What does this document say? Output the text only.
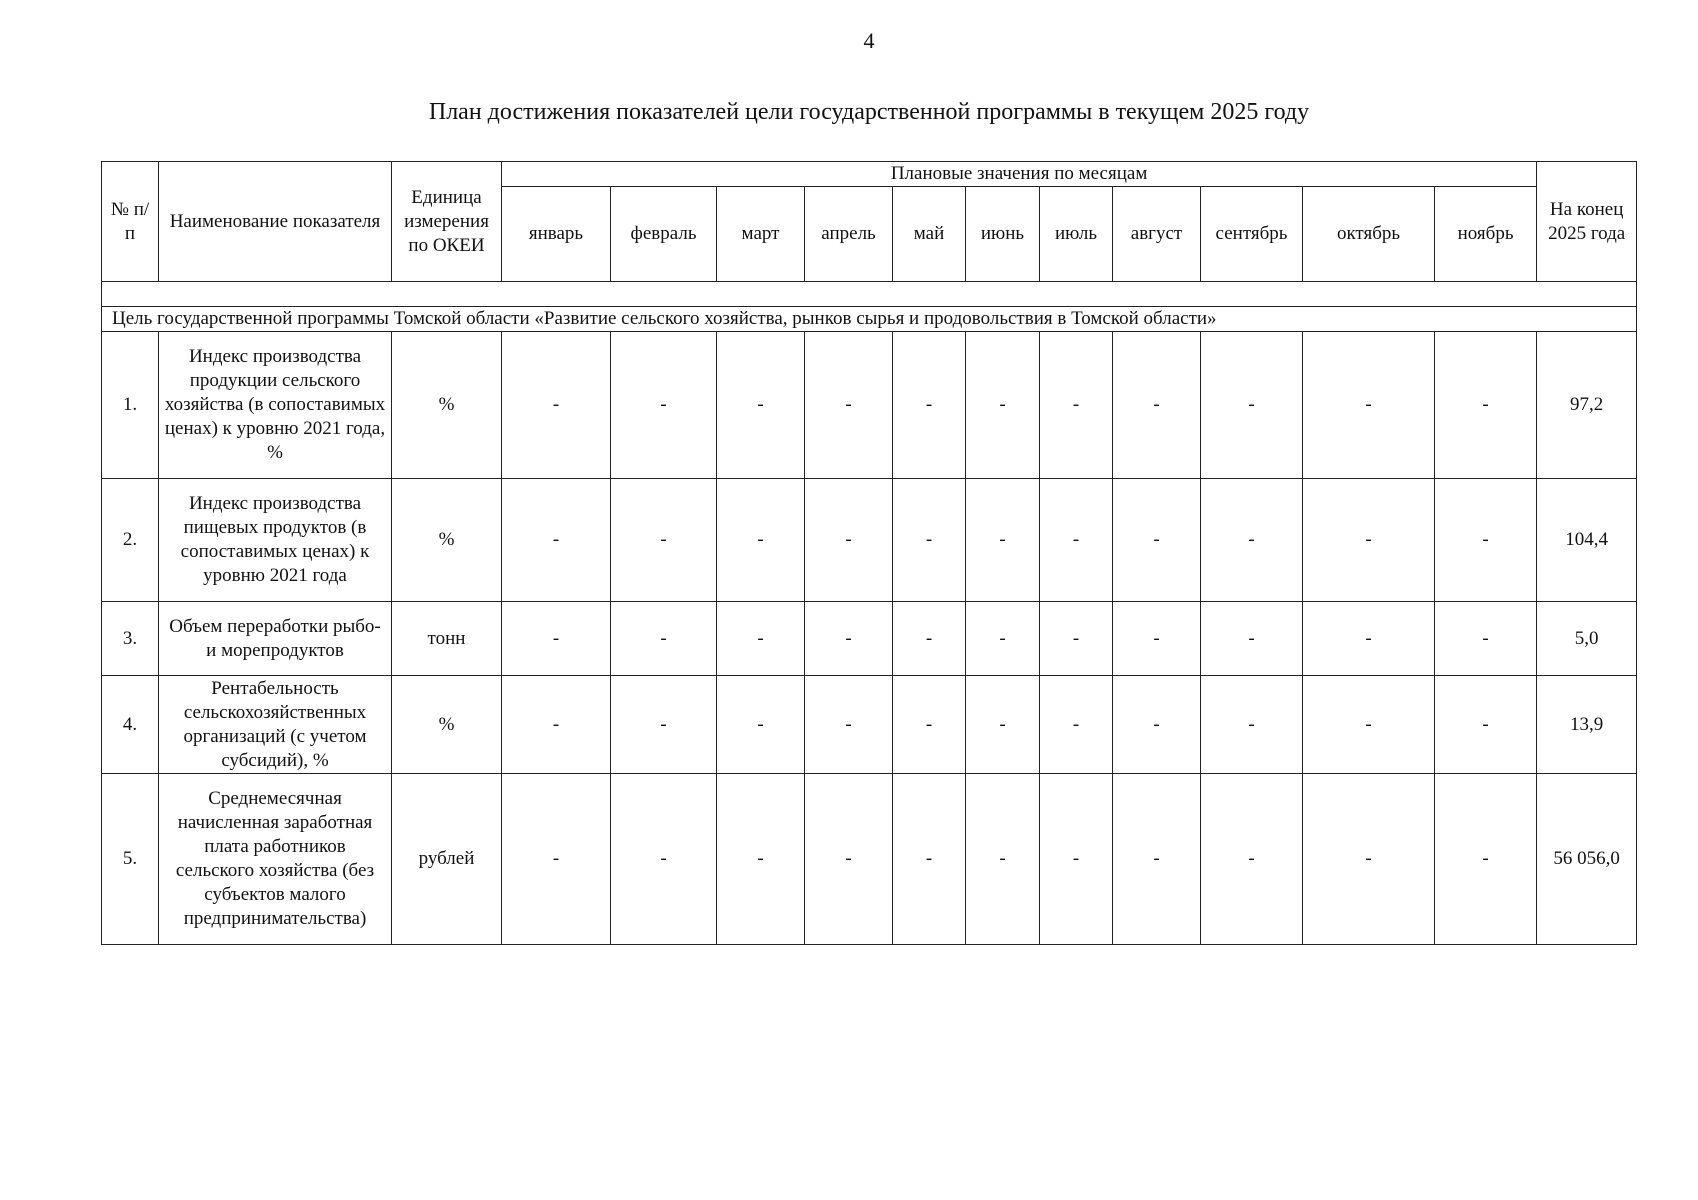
4
План достижения показателей цели государственной программы в текущем 2025 году
№ п/п	Наименование показателя	Единица измерения по ОКЕИ	Плановые значения по месяцам											На конец 2025 года
			январь	февраль	март	апрель	май	июнь	июль	август	сентябрь	октябрь	ноябрь	

Цель государственной программы Томской области «Развитие сельского хозяйства, рынков сырья и продовольствия в Томской области»														
1.	Индекс производства продукции сельского хозяйства (в сопоставимых ценах) к уровню 2021 года, %	%	-	-	-	-	-	-	-	-	-	-	-	97,2
2.	Индекс производства пищевых продуктов (в сопоставимых ценах) к уровню 2021 года	%	-	-	-	-	-	-	-	-	-	-	-	104,4
3.	Объем переработки рыбо- и морепродуктов	тонн	-	-	-	-	-	-	-	-	-	-	-	5,0
4.	Рентабельность сельскохозяйственных организаций (с учетом субсидий), %	%	-	-	-	-	-	-	-	-	-	-	-	13,9
5.	Среднемесячная начисленная заработная плата работников сельского хозяйства (без субъектов малого предпринимательства)	рублей	-	-	-	-	-	-	-	-	-	-	-	56 056,0
